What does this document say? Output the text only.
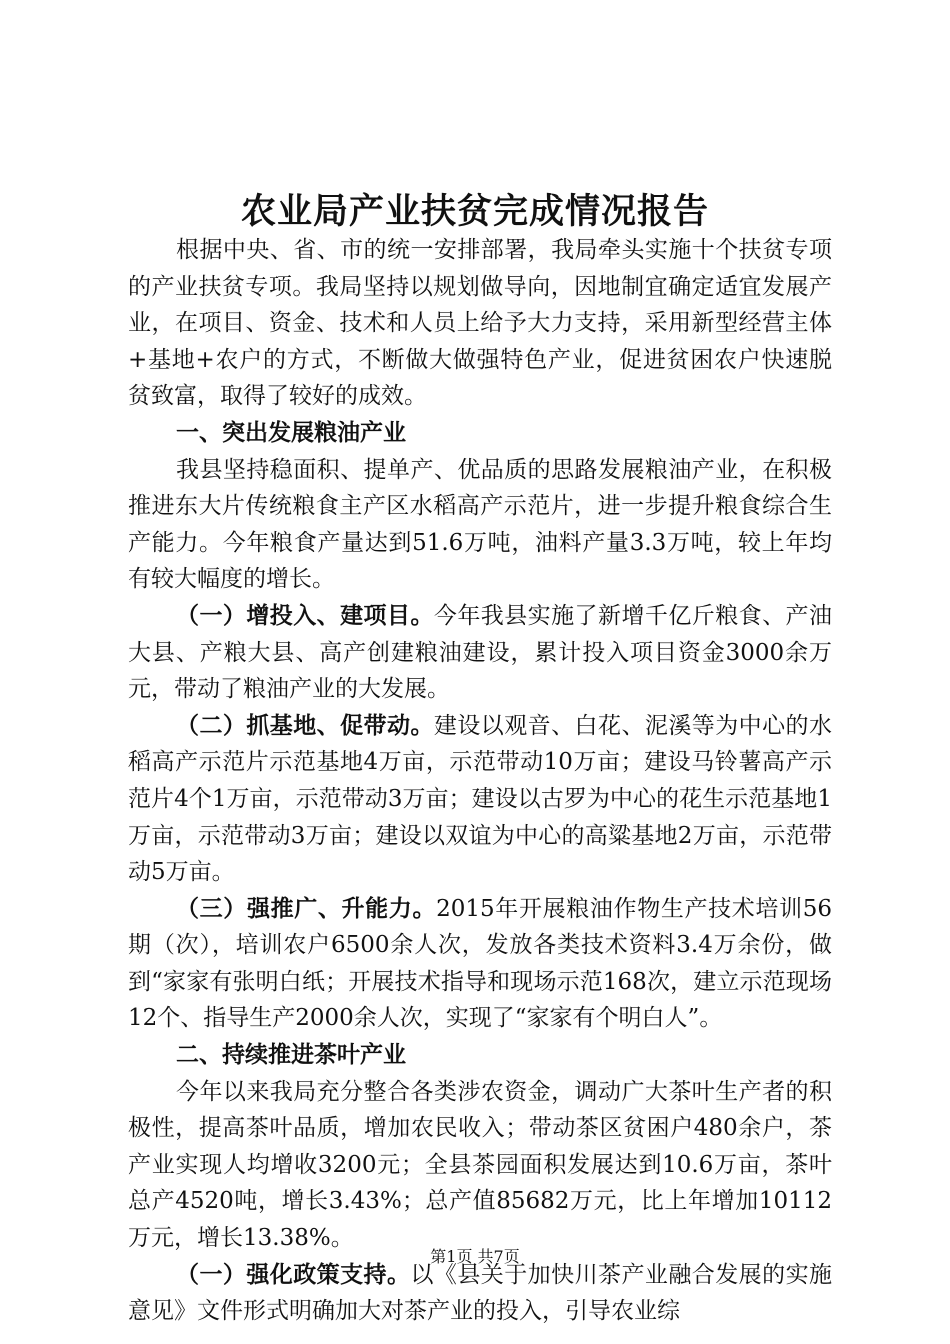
农业局产业扶贫完成情况报告

根据中央、省、市的统一安排部署，我局牵头实施十个扶贫专项的产业扶贫专项。我局坚持以规划做导向，因地制宜确定适宜发展产业，在项目、资金、技术和人员上给予大力支持，采用新型经营主体+基地+农户的方式，不断做大做强特色产业，促进贫困农户快速脱贫致富，取得了较好的成效。

一、突出发展粮油产业

我县坚持稳面积、提单产、优品质的思路发展粮油产业，在积极推进东大片传统粮食主产区水稻高产示范片，进一步提升粮食综合生产能力。今年粮食产量达到51.6万吨，油料产量3.3万吨，较上年均有较大幅度的增长。

（一）增投入、建项目。今年我县实施了新增千亿斤粮食、产油大县、产粮大县、高产创建粮油建设，累计投入项目资金3000余万元，带动了粮油产业的大发展。

（二）抓基地、促带动。建设以观音、白花、泥溪等为中心的水稻高产示范片示范基地4万亩，示范带动10万亩；建设马铃薯高产示范片4个1万亩，示范带动3万亩；建设以古罗为中心的花生示范基地1万亩，示范带动3万亩；建设以双谊为中心的高粱基地2万亩，示范带动5万亩。

（三）强推广、升能力。2015年开展粮油作物生产技术培训56期（次），培训农户6500余人次，发放各类技术资料3.4万余份，做到“家家有张明白纸；开展技术指导和现场示范168次，建立示范现场12个、指导生产2000余人次，实现了“家家有个明白人”。

二、持续推进茶叶产业

今年以来我局充分整合各类涉农资金，调动广大茶叶生产者的积极性，提高茶叶品质，增加农民收入；带动茶区贫困户480余户，茶产业实现人均增收3200元；全县茶园面积发展达到10.6万亩，茶叶总产4520吨，增长3.43%；总产值85682万元，比上年增加10112万元，增长13.38%。

（一）强化政策支持。以《县关于加快川茶产业融合发展的实施意见》文件形式明确加大对茶产业的投入，引导农业综

第1页 共7页
